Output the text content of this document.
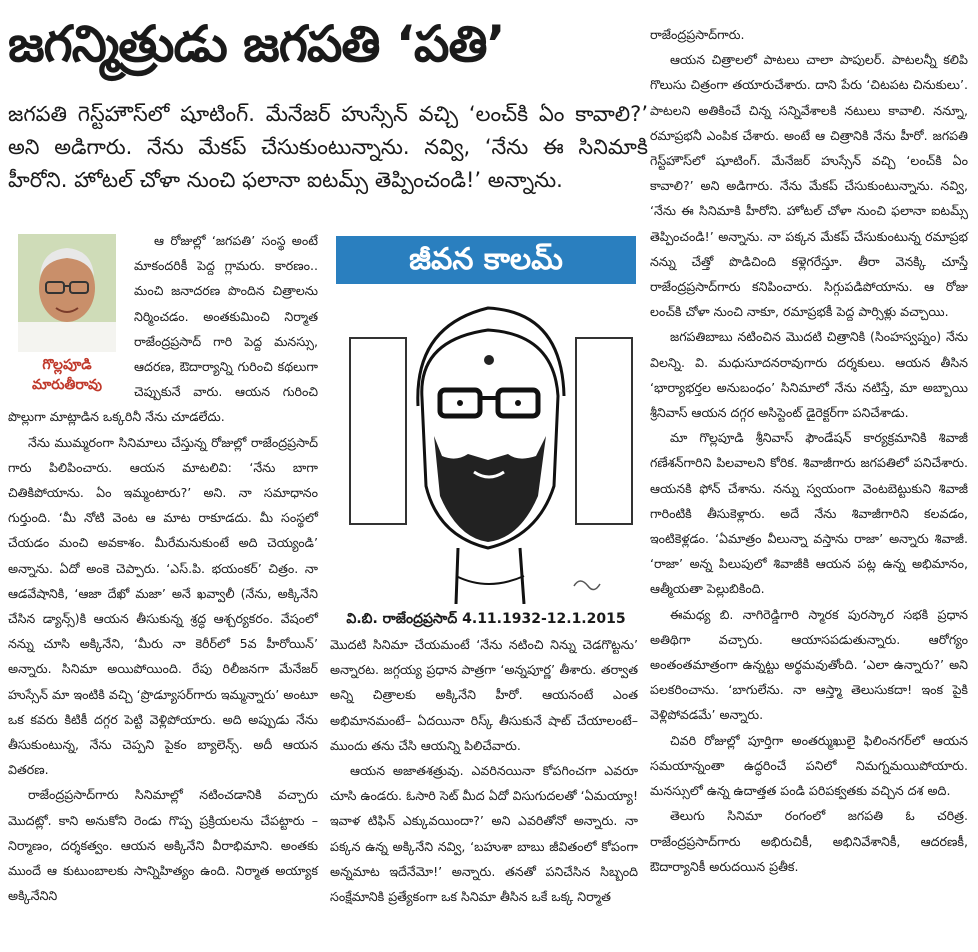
జగన్మిత్రుడు జగపతి ‘పతి’
జగపతి గెస్ట్‌హౌస్‌లో షూటింగ్. మేనేజర్ హుస్సేన్ వచ్చి ‘లంచ్‌కి ఏం కావాలి?’ అని అడిగారు. నేను మేకప్ చేసుకుంటున్నాను. నవ్వి, ‘నేను ఈ సినిమాకి హీరోని. హోటల్ చోళా నుంచి ఫలానా ఐటమ్స్ తెప్పించండి!’ అన్నాను.
గొల్లపూడి మారుతీరావు

ఆ రోజుల్లో ‘జగపతి’ సంస్థ అంటే మాకందరికీ పెద్ద గ్లామరు. కారణం.. మంచి జనాదరణ పొందిన చిత్రాలను నిర్మించడం. అంతకుమించి నిర్మాత రాజేంద్రప్రసాద్ గారి పెద్ద మనస్సు, ఆదరణ, ఔదార్యాన్ని గురించి కథలుగా చెప్పుకునే వారు. ఆయన గురించి పొల్లుగా మాట్లాడిన ఒక్కరినీ నేను చూడలేదు.

నేను ముమ్మరంగా సినిమాలు చేస్తున్న రోజుల్లో రాజేంద్రప్రసాద్ గారు పిలిపించారు. ఆయన మాటలివి: ‘నేను బాగా చితికిపోయాను. ఏం ఇమ్మంటారు?’ అని. నా సమాధానం గుర్తుంది. ‘మీ నోటి వెంట ఆ మాట రాకూడదు. మీ సంస్థలో చేయడం మంచి అవకాశం. మీరేమనుకుంటే అది చెయ్యండి’ అన్నాను. ఏదో అంకె చెప్పారు. ‘ఎస్.పి. భయంకర్’ చిత్రం. నా ఆడవేషానికి, ‘ఆజా దేఖో మజా’ అనే ఖవ్వాలీ (నేను, అక్కినేని చేసిన డ్యాన్స్)కి ఆయన తీసుకున్న శ్రద్ధ ఆశ్చర్యకరం. వేషంలో నన్ను చూసి అక్కినేని, ‘మీరు నా కెరీర్‌లో 5వ హీరోయిన్’ అన్నారు. సినిమా అయిపోయింది. రేపు రిలీజనగా మేనేజర్ హుస్సేన్ మా ఇంటికి వచ్చి ‘ప్రొడ్యూసర్‌గారు ఇమ్మన్నారు’ అంటూ ఒక కవరు కిటికీ దగ్గర పెట్టి వెళ్లిపోయారు. అది అప్పుడు నేను తీసుకుంటున్న, నేను చెప్పని పైకం బ్యాలెన్స్. అదీ ఆయన వితరణ.

రాజేంద్రప్రసాద్‌గారు సినిమాల్లో నటించడానికి వచ్చారు మొదట్లో. కాని అనుకోని రెండు గొప్ప ప్రక్రియలను చేపట్టారు – నిర్మాణం, దర్శకత్వం. ఆయన అక్కినేని వీరాభిమాని. అంతకు ముందే ఆ కుటుంబాలకు సాన్నిహిత్యం ఉంది. నిర్మాత అయ్యాక అక్కినేనిని

జీవన కాలమ్
వి.బి. రాజేంద్రప్రసాద్ 4.11.1932-12.1.2015

మొదటి సినిమా చేయమంటే ‘నేను నటించి నిన్ను చెడగొట్టను’ అన్నారట. జగ్గయ్య ప్రధాన పాత్రగా ‘అన్నపూర్ణ’ తీశారు. తర్వాత అన్ని చిత్రాలకు అక్కినేని హీరో. ఆయనంటే ఎంత అభిమానమంటే– ఏదయినా రిస్క్ తీసుకునే షాట్ చేయాలంటే– ముందు తను చేసి ఆయన్ని పిలిచేవారు.

ఆయన అజాతశత్రువు. ఎవరినయినా కోపగించగా ఎవరూ చూసి ఉండరు. ఓసారి సెట్ మీద ఏదో విసుగుదలతో ‘ఏమయ్యా! ఇవాళ టిఫిన్ ఎక్కువయిందా?’ అని ఎవరితోనో అన్నారు. నా పక్కన ఉన్న అక్కినేని నవ్వి, ‘బహుశా బాబు జీవితంలో కోపంగా అన్నమాట ఇదేనేమో!’ అన్నారు. తనతో పనిచేసిన సిబ్బంది సంక్షేమానికి ప్రత్యేకంగా ఒక సినిమా తీసిన ఒకే ఒక్క నిర్మాత

రాజేంద్రప్రసాద్‌గారు.

ఆయన చిత్రాలలో పాటలు చాలా పాపులర్. పాటలన్నీ కలిపి గొలుసు చిత్రంగా తయారుచేశారు. దాని పేరు ‘చిటపట చినుకులు’. పాటలని అతికించే చిన్న సన్నివేశాలకి నటులు కావాలి. నన్నూ, రమాప్రభనీ ఎంపిక చేశారు. అంటే ఆ చిత్రానికి నేను హీరో. జగపతి గెస్ట్‌హౌస్‌లో షూటింగ్. మేనేజర్ హుస్సేన్ వచ్చి ‘లంచ్‌కి ఏం కావాలి?’ అని అడిగారు. నేను మేకప్ చేసుకుంటున్నాను. నవ్వి, ‘నేను ఈ సినిమాకి హీరోని. హోటల్ చోళా నుంచి ఫలానా ఐటమ్స్ తెప్పించండి!’ అన్నాను. నా పక్కన మేకప్ చేసుకుంటున్న రమాప్రభ నన్ను చేత్తో పొడిచింది కళ్లెగరేస్తూ. తీరా వెనక్కి చూస్తే రాజేంద్రప్రసాద్‌గారు కనిపించారు. సిగ్గుపడిపోయాను. ఆ రోజు లంచ్‌కి చోళా నుంచి నాకూ, రమాప్రభకీ పెద్ద పార్సిళ్లు వచ్చాయి.

జగపతిబాబు నటించిన మొదటి చిత్రానికి (సింహస్వప్నం) నేను విలన్ని. వి. మధుసూదనరావుగారు దర్శకులు. ఆయన తీసిన ‘భార్యాభర్తల అనుబంధం’ సినిమాలో నేను నటిస్తే, మా అబ్బాయి శ్రీనివాస్ ఆయన దగ్గర అసిస్టెంట్ డైరెక్టర్‌గా పనిచేశాడు.

మా గొల్లపూడి శ్రీనివాస్ ఫౌండేషన్ కార్యక్రమానికి శివాజీ గణేశన్‌గారిని పిలవాలని కోరిక. శివాజీగారు జగపతిలో పనిచేశారు. ఆయనకి ఫోన్ చేశాను. నన్ను స్వయంగా వెంటబెట్టుకుని శివాజీ గారింటికి తీసుకెళ్లారు. అదే నేను శివాజీగారిని కలవడం, ఇంటికెళ్లడం. ‘ఏమాత్రం వీలున్నా వస్తాను రాజా’ అన్నారు శివాజీ. ‘రాజా’ అన్న పిలుపులో శివాజీకి ఆయన పట్ల ఉన్న అభిమానం, ఆత్మీయతా పెల్లుబికింది.

ఈమధ్య బి. నాగిరెడ్డిగారి స్మారక పురస్కార సభకి ప్రధాన అతిథిగా వచ్చారు. ఆయాసపడుతున్నారు. ఆరోగ్యం అంతంతమాత్రంగా ఉన్నట్టు అర్థమవుతోంది. ‘ఎలా ఉన్నారు?’ అని పలకరించాను. ‘బాగులేను. నా ఆస్త్మా తెలుసుకదా! ఇంక పైకి వెళ్లిపోవడమే’ అన్నారు.

చివరి రోజుల్లో పూర్తిగా అంతర్ముఖులై ఫిలింనగర్‌లో ఆయన సమయాన్నంతా ఉద్ధరించే పనిలో నిమగ్నమయిపోయారు. మనస్సులో ఉన్న ఉదాత్తత పండి పరిపక్వతకు వచ్చిన దశ అది.

తెలుగు సినిమా రంగంలో జగపతి ఓ చరిత్ర. రాజేంద్రప్రసాద్‌గారు అభిరుచికీ, అభినివేశానికీ, ఆదరణకీ, ఔదార్యానికీ అరుదయిన ప్రతీక.
